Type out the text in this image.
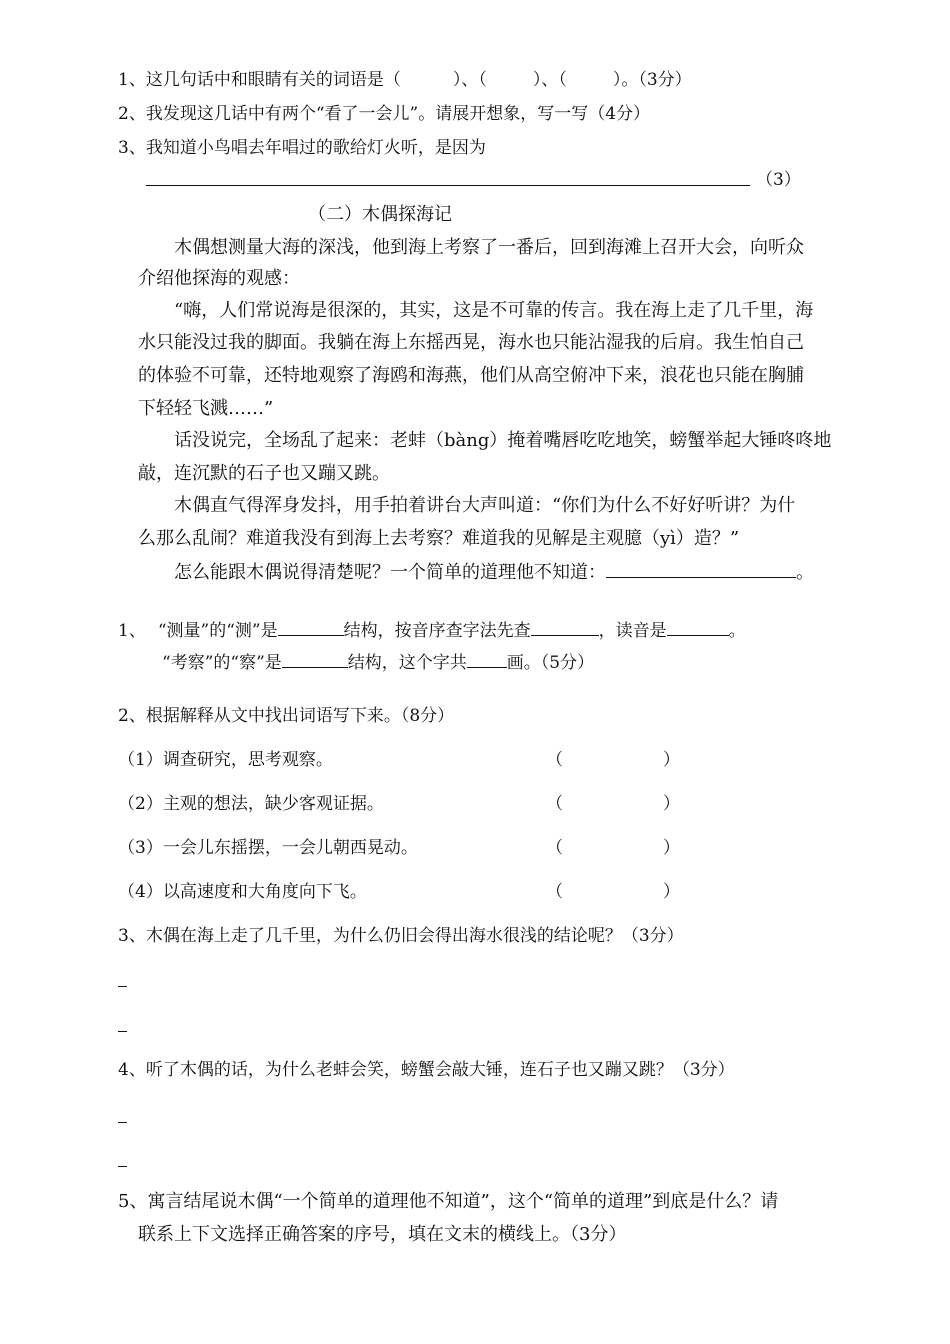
1、这几句话中和眼睛有关的词语是（	）、（	）、（	）。（3分）
2、我发现这几话中有两个“看了一会儿”。请展开想象，写一写（4分）
3、我知道小鸟唱去年唱过的歌给灯火听，是因为
（3）
（二）木偶探海记
木偶想测量大海的深浅，他到海上考察了一番后，回到海滩上召开大会，向听众
介绍他探海的观感：
“嗨，人们常说海是很深的，其实，这是不可靠的传言。我在海上走了几千里，海
水只能没过我的脚面。我躺在海上东摇西晃，海水也只能沾湿我的后肩。我生怕自己
的体验不可靠，还特地观察了海鸥和海燕，他们从高空俯冲下来，浪花也只能在胸脯
下轻轻飞溅……”
话没说完，全场乱了起来：老蚌（bàng）掩着嘴唇吃吃地笑，螃蟹举起大锤咚咚地
敲，连沉默的石子也又蹦又跳。
木偶直气得浑身发抖，用手拍着讲台大声叫道：“你们为什么不好好听讲？为什
么那么乱闹？难道我没有到海上去考察？难道我的见解是主观臆（yì）造？”
怎么能跟木偶说得清楚呢？一个简单的道理他不知道：	。
1、 “测量”的“测”是	结构，按音序查字法先查	，读音是	。
“考察”的“察”是	结构，这个字共 画。（5分）
2、根据解释从文中找出词语写下来。（8分）
（1）调查研究，思考观察。	（	）
（2）主观的想法，缺少客观证据。	（	）
（3）一会儿东摇摆，一会儿朝西晃动。	（	）
（4）以高速度和大角度向下飞。	（	）
3、木偶在海上走了几千里，为什么仍旧会得出海水很浅的结论呢？（3分）
4、听了木偶的话，为什么老蚌会笑，螃蟹会敲大锤，连石子也又蹦又跳？（3分）
5、寓言结尾说木偶“一个简单的道理他不知道”，这个“简单的道理”到底是什么？请
联系上下文选择正确答案的序号，填在文末的横线上。（3分）
